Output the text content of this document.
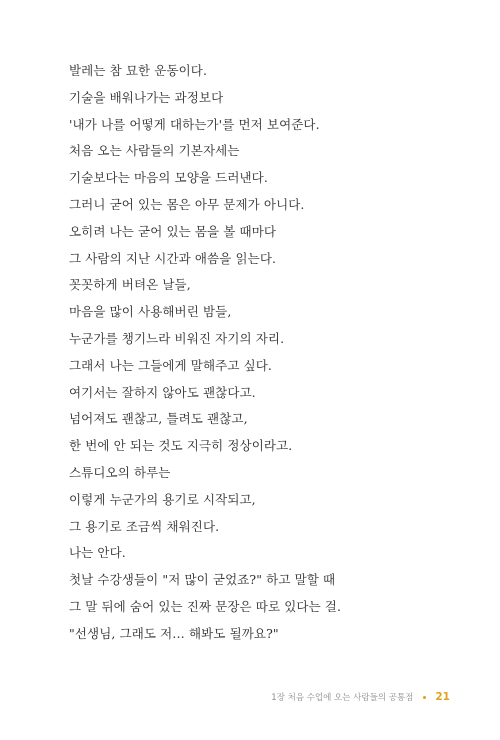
발레는 참 묘한 운동이다.
기술을 배워나가는 과정보다
'내가 나를 어떻게 대하는가'를 먼저 보여준다.
처음 오는 사람들의 기본자세는
기술보다는 마음의 모양을 드러낸다.
그러니 굳어 있는 몸은 아무 문제가 아니다.
오히려 나는 굳어 있는 몸을 볼 때마다
그 사람의 지난 시간과 애씀을 읽는다.
꼿꼿하게 버텨온 날들,
마음을 많이 사용해버린 밤들,
누군가를 챙기느라 비워진 자기의 자리.
그래서 나는 그들에게 말해주고 싶다.
여기서는 잘하지 않아도 괜찮다고.
넘어져도 괜찮고, 틀려도 괜찮고,
한 번에 안 되는 것도 지극히 정상이라고.
스튜디오의 하루는
이렇게 누군가의 용기로 시작되고,
그 용기로 조금씩 채워진다.
나는 안다.
첫날 수강생들이 "저 많이 굳었죠?" 하고 말할 때
그 말 뒤에 숨어 있는 진짜 문장은 따로 있다는 걸.
"선생님, 그래도 저… 해봐도 될까요?"
1장 처음 수업에 오는 사람들의 공통점 21
